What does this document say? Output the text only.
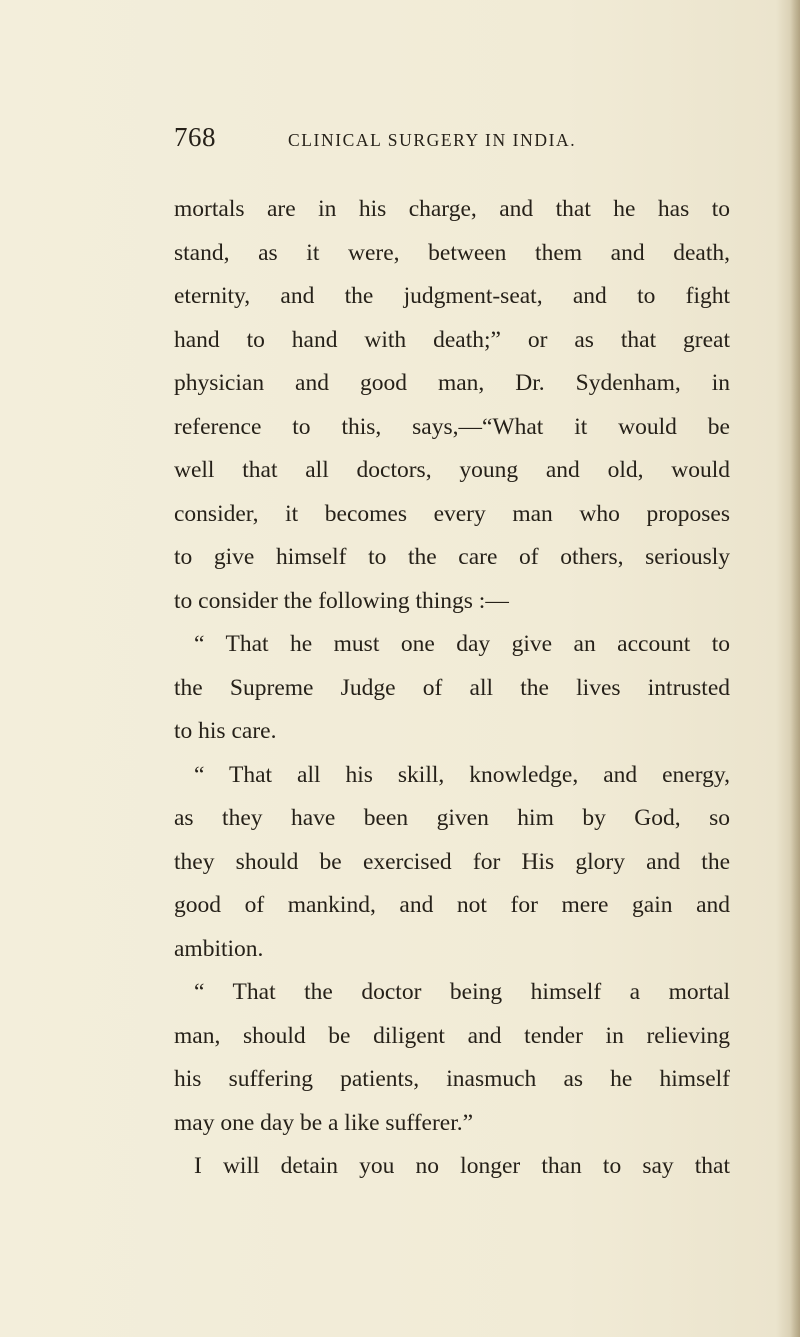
768	CLINICAL SURGERY IN INDIA.
mortals are in his charge, and that he has to
stand, as it were, between them and death,
eternity, and the judgment-seat, and to fight
hand to hand with death;” or as that great
physician and good man, Dr. Sydenham, in
reference to this, says,—“What it would be
well that all doctors, young and old, would
consider, it becomes every man who proposes
to give himself to the care of others, seriously
to consider the following things :—
“ That he must one day give an account to
the Supreme Judge of all the lives intrusted
to his care.
“ That all his skill, knowledge, and energy,
as they have been given him by God, so
they should be exercised for His glory and the
good of mankind, and not for mere gain and
ambition.
“ That the doctor being himself a mortal
man, should be diligent and tender in relieving
his suffering patients, inasmuch as he himself
may one day be a like sufferer.”
I will detain you no longer than to say that
